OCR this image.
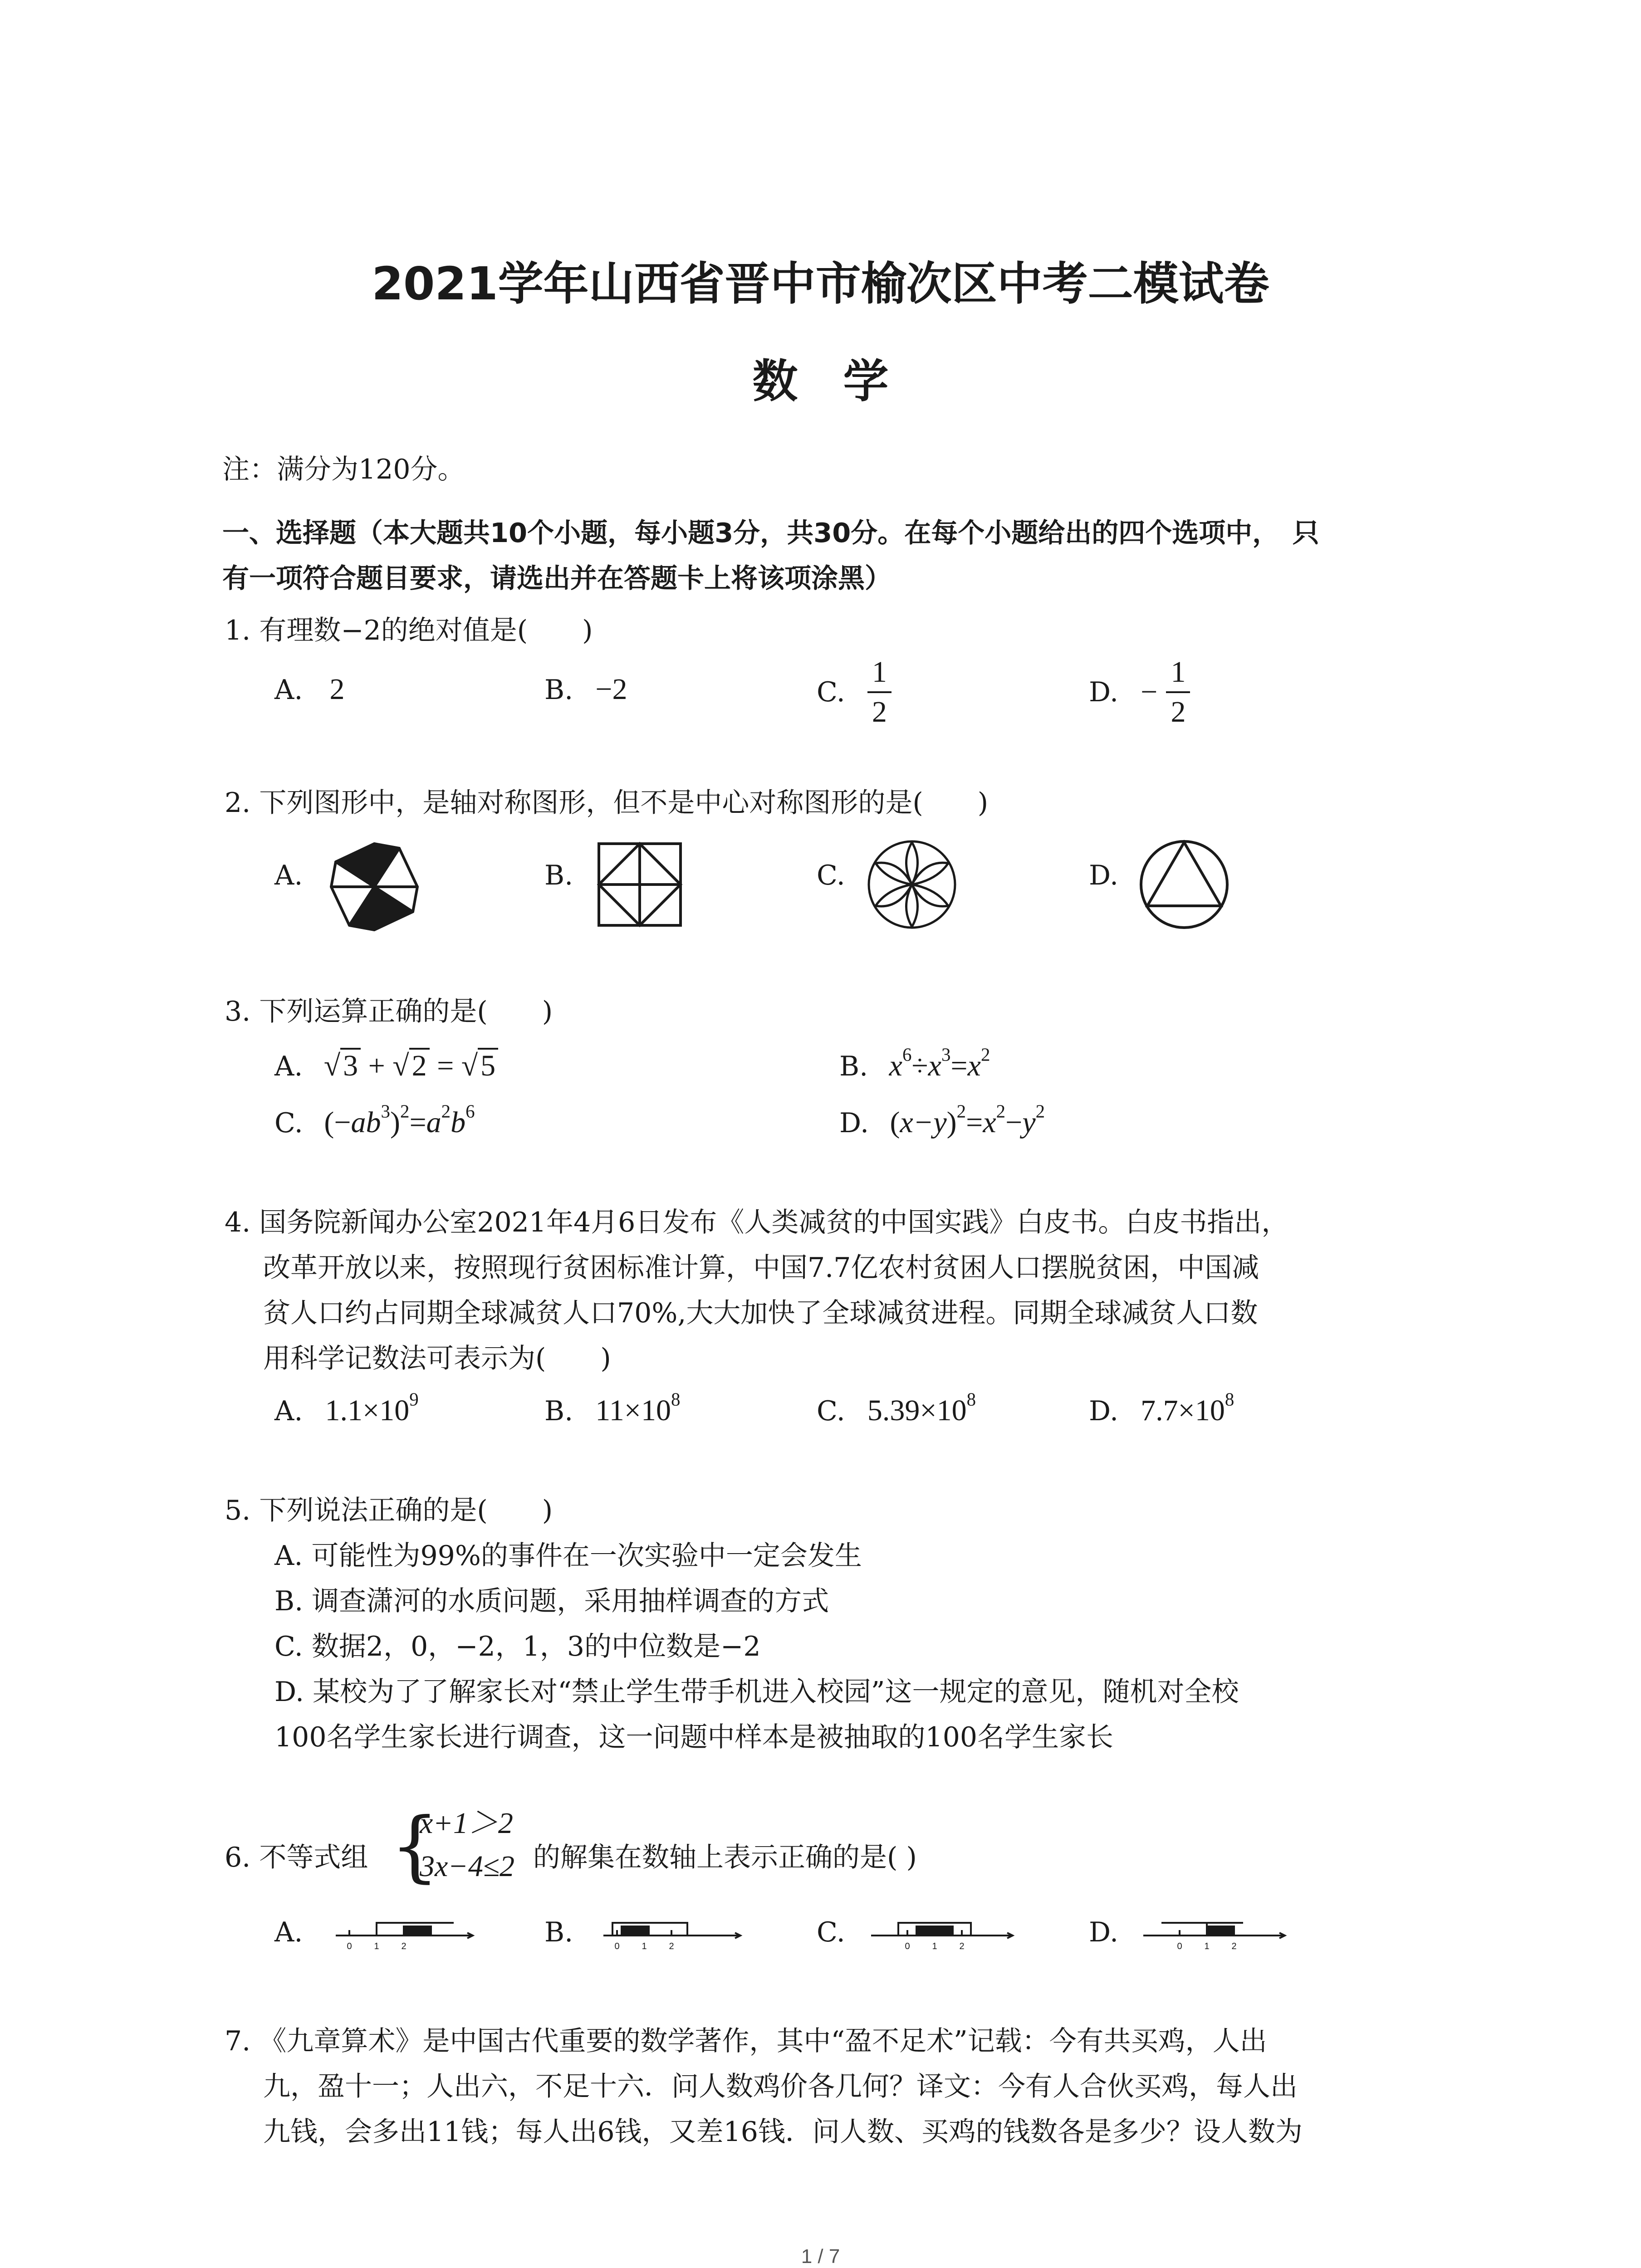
2021学年山西省晋中市榆次区中考二模试卷
数　学
注：满分为120分。
一、选择题（本大题共10个小题，每小题3分，共30分。在每个小题给出的四个选项中，　只
有一项符合题目要求，请选出并在答题卡上将该项涂黑）
1. 有理数−2的绝对值是(　　)
A. 2	B. −2	C. $\frac{1}{2}$	D. − $\frac{1}{2}$
2. 下列图形中，是轴对称图形，但不是中心对称图形的是(　　)
A.	B.	C.	D.
3. 下列运算正确的是(　　)
A. √3 + √2 = √5	B. $x^6\div x^3=x^2$
C. $(-ab^3)^2=a^2b^6$	D. $(x-y)^2=x^2-y^2$
4. 国务院新闻办公室2021年4月6日发布《人类减贫的中国实践》白皮书。白皮书指出，
改革开放以来，按照现行贫困标准计算，中国7.7亿农村贫困人口摆脱贫困，中国减
贫人口约占同期全球减贫人口70%,大大加快了全球减贫进程。同期全球减贫人口数
用科学记数法可表示为(　　)
A. $1.1\times 10^9$	B. $11\times 10^8$	C. $5.39\times 10^8$	D. $7.7\times 10^8$
5. 下列说法正确的是(　　)
A. 可能性为99%的事件在一次实验中一定会发生
B. 调查潇河的水质问题，采用抽样调查的方式
C. 数据2，0，−2，1，3的中位数是−2
D. 某校为了了解家长对“禁止学生带手机进入校园”这一规定的意见，随机对全校
100名学生家长进行调查，这一问题中样本是被抽取的100名学生家长
6. 不等式组 {
x+1＞2
3x−4≤2 的解集在数轴上表示正确的是( )
A.	B.	C.	D.
0 1 2	0 1 2	0 1 2	0 1 2
7. 《九章算术》是中国古代重要的数学著作，其中“盈不足术”记载：今有共买鸡，人出
九，盈十一；人出六，不足十六．问人数鸡价各几何？译文：今有人合伙买鸡，每人出
九钱，会多出11钱；每人出6钱，又差16钱．问人数、买鸡的钱数各是多少？设人数为
1 / 7
